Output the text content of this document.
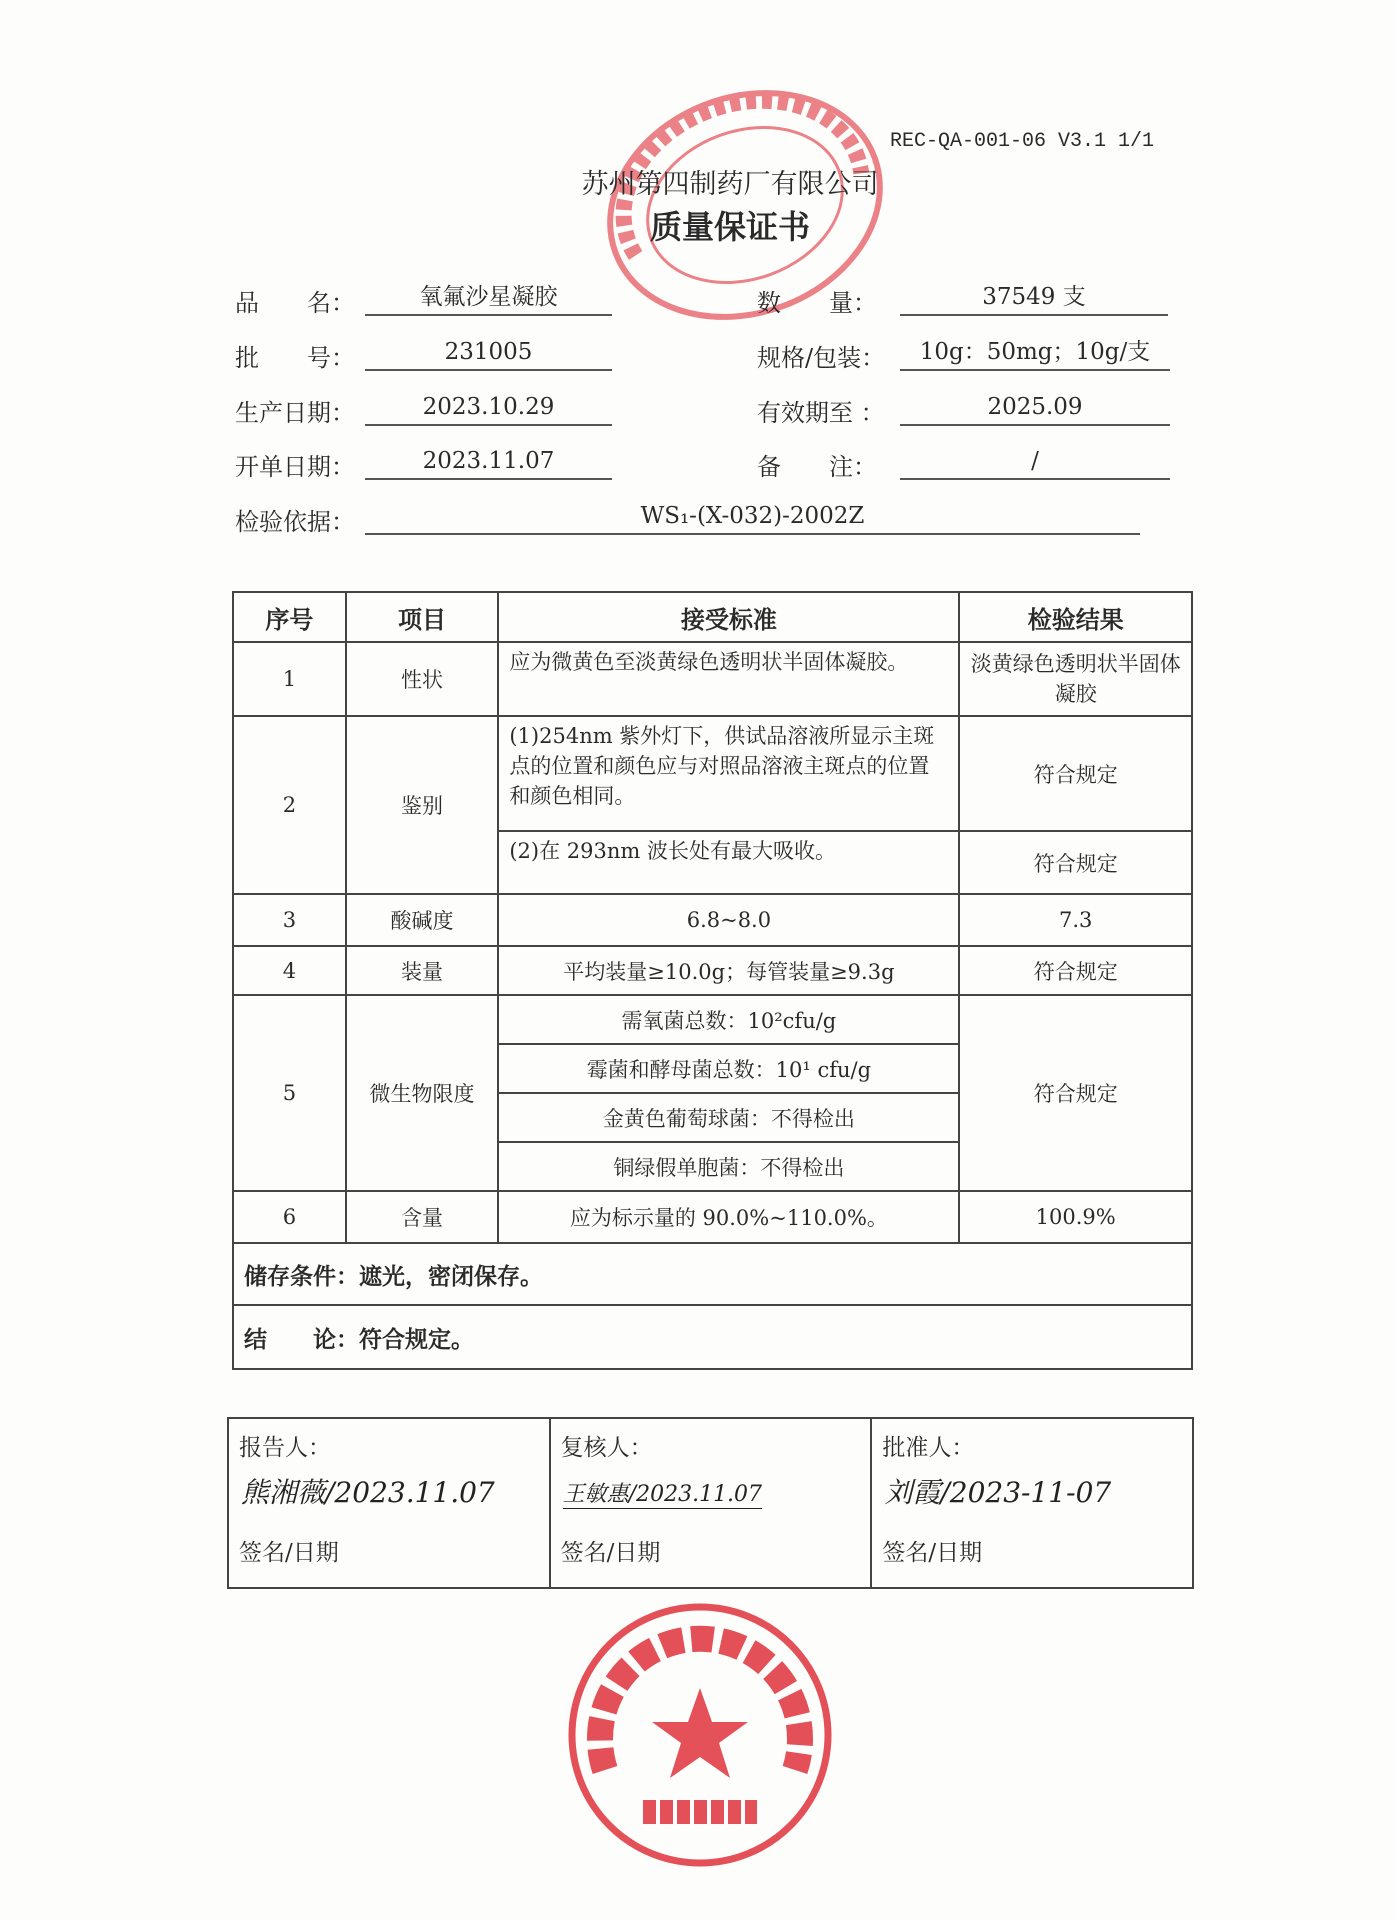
REC-QA-001-06 V3.1 1/1
苏州第四制药厂有限公司
质量保证书
品　　名：	氧氟沙星凝胶	数　　量：	37549 支
批　　号：	231005	规格/包装：	10g：50mg；10g/支
生产日期：	2023.10.29	有效期至 ：	2025.09
开单日期：	2023.11.07	备　　注：	/
检验依据：	WS₁-(X-032)-2002Z
序号	项目	接受标准	检验结果
1	性状	应为微黄色至淡黄绿色透明状半固体凝胶。	淡黄绿色透明状半固体凝胶
2	鉴别	(1)254nm 紫外灯下，供试品溶液所显示主斑点的位置和颜色应与对照品溶液主斑点的位置和颜色相同。	符合规定
		(2)在 293nm 波长处有最大吸收。	符合规定
3	酸碱度	6.8~8.0	7.3
4	装量	平均装量≥10.0g；每管装量≥9.3g	符合规定
5	微生物限度	需氧菌总数：10²cfu/g	符合规定
		霉菌和酵母菌总数：10¹ cfu/g	
		金黄色葡萄球菌：不得检出	
		铜绿假单胞菌：不得检出	
6	含量	应为标示量的 90.0%~110.0%。	100.9%
储存条件：遮光，密闭保存。			
结　　论：符合规定。			
报告人：
熊湘薇/2023.11.07
签名/日期
复核人：
王敏惠/2023.11.07
签名/日期
批准人：
刘霞/2023-11-07
签名/日期
